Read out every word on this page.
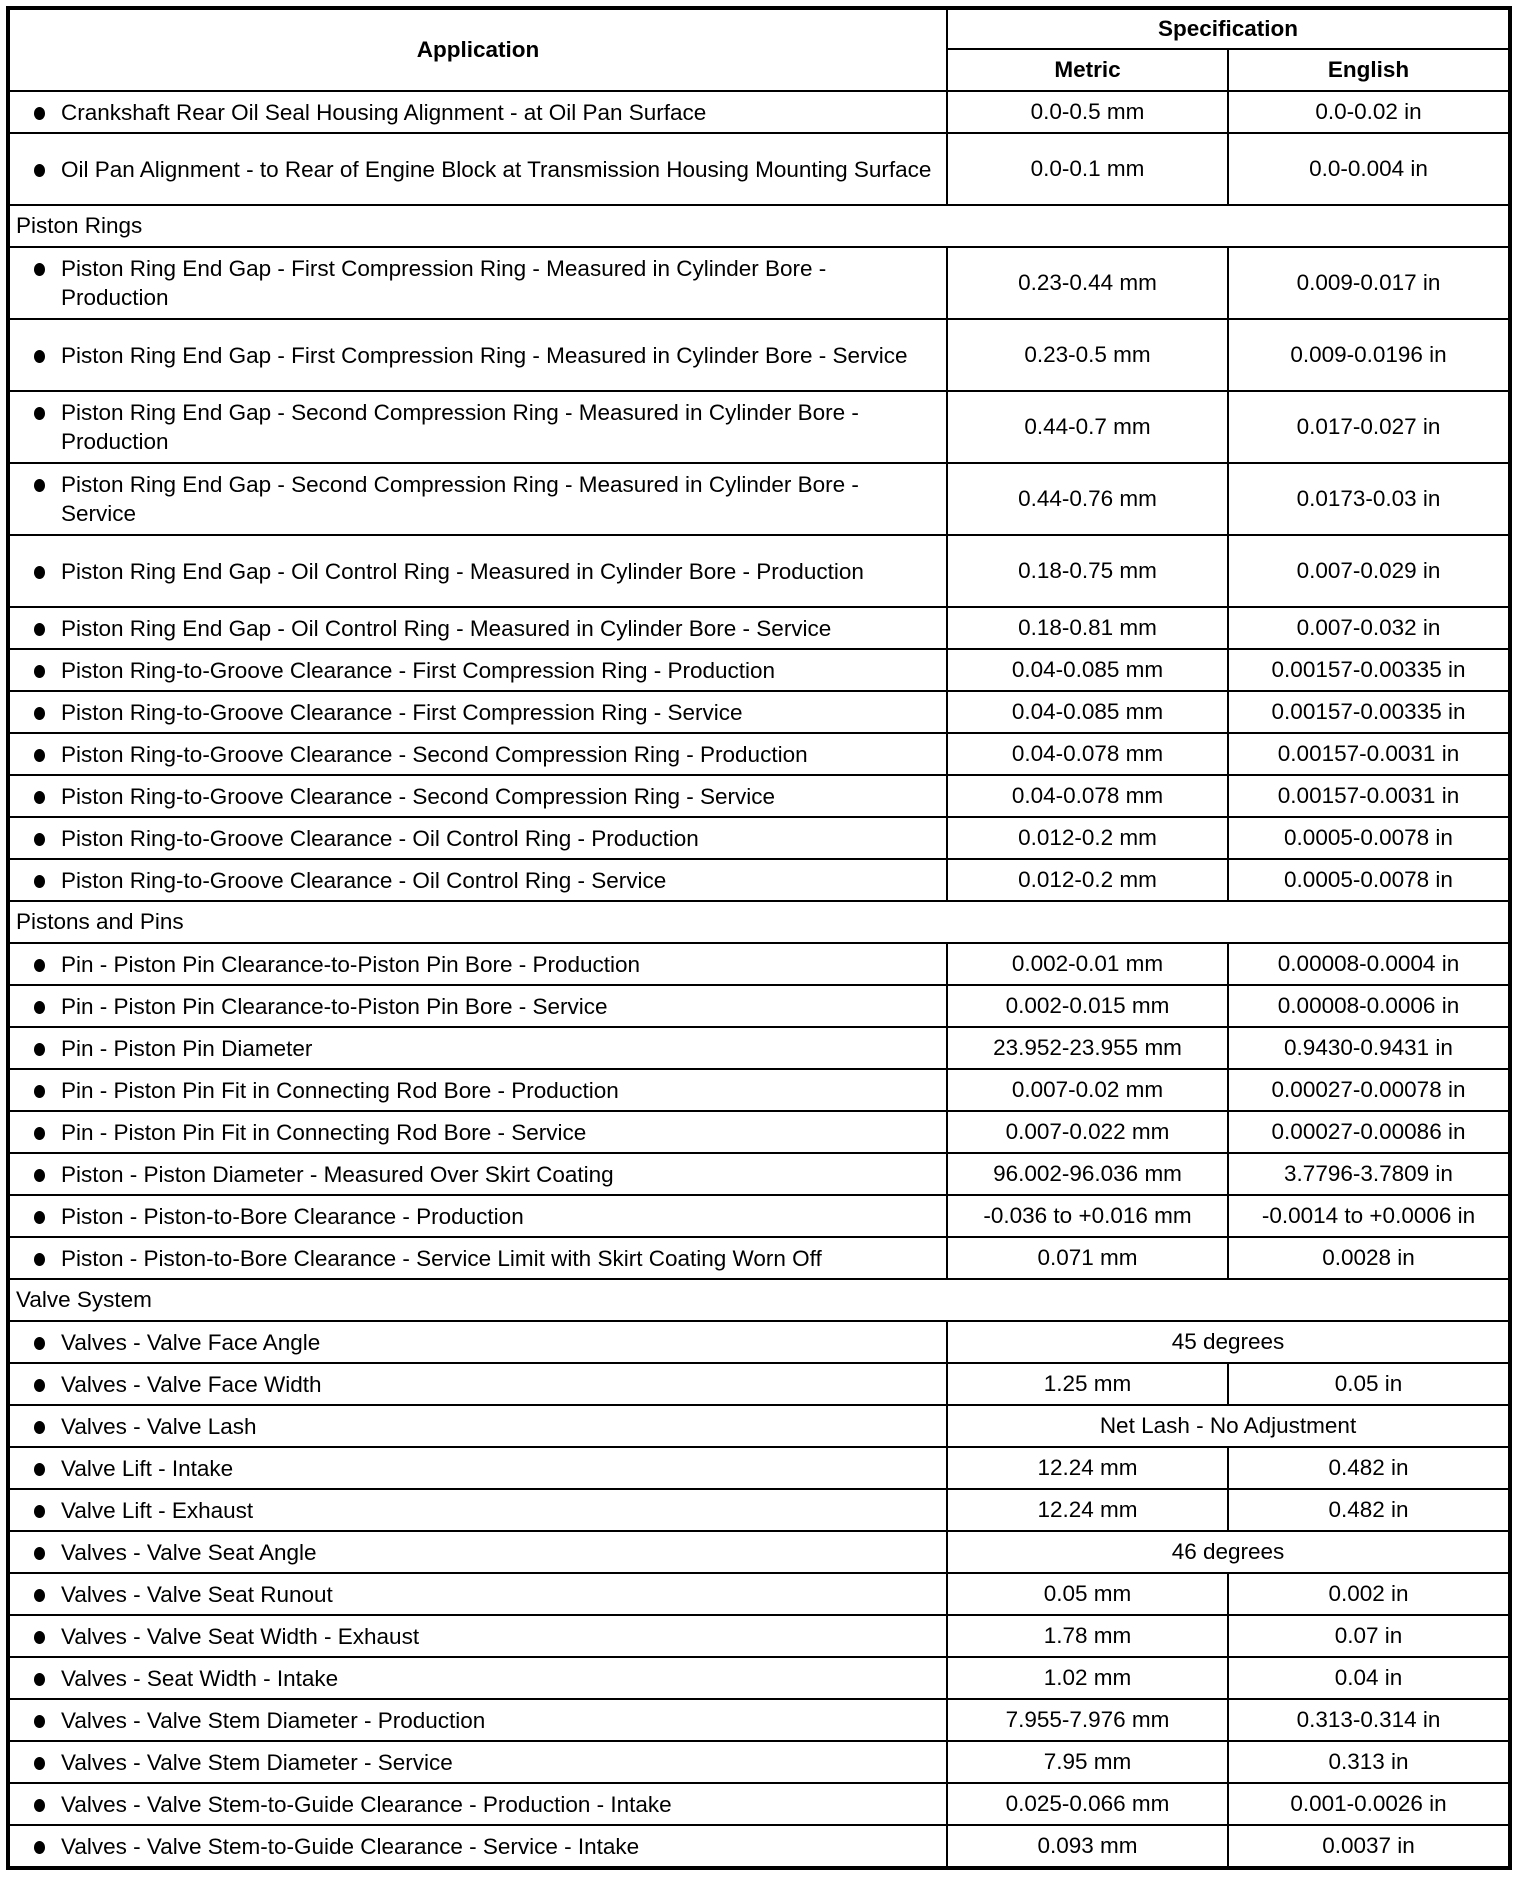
Application	Specification	
	Metric	English

Crankshaft Rear Oil Seal Housing Alignment - at Oil Pan Surface	0.0-0.5 mm	0.0-0.02 in

Oil Pan Alignment - to Rear of Engine Block at Transmission Housing Mounting Surface	0.0-0.1 mm	0.0-0.004 in
Piston Rings		

Piston Ring End Gap - First Compression Ring - Measured in Cylinder Bore - Production	0.23-0.44 mm	0.009-0.017 in

Piston Ring End Gap - First Compression Ring - Measured in Cylinder Bore - Service	0.23-0.5 mm	0.009-0.0196 in

Piston Ring End Gap - Second Compression Ring - Measured in Cylinder Bore - Production	0.44-0.7 mm	0.017-0.027 in

Piston Ring End Gap - Second Compression Ring - Measured in Cylinder Bore - Service	0.44-0.76 mm	0.0173-0.03 in

Piston Ring End Gap - Oil Control Ring - Measured in Cylinder Bore - Production	0.18-0.75 mm	0.007-0.029 in

Piston Ring End Gap - Oil Control Ring - Measured in Cylinder Bore - Service	0.18-0.81 mm	0.007-0.032 in

Piston Ring-to-Groove Clearance - First Compression Ring - Production	0.04-0.085 mm	0.00157-0.00335 in

Piston Ring-to-Groove Clearance - First Compression Ring - Service	0.04-0.085 mm	0.00157-0.00335 in

Piston Ring-to-Groove Clearance - Second Compression Ring - Production	0.04-0.078 mm	0.00157-0.0031 in

Piston Ring-to-Groove Clearance - Second Compression Ring - Service	0.04-0.078 mm	0.00157-0.0031 in

Piston Ring-to-Groove Clearance - Oil Control Ring - Production	0.012-0.2 mm	0.0005-0.0078 in

Piston Ring-to-Groove Clearance - Oil Control Ring - Service	0.012-0.2 mm	0.0005-0.0078 in
Pistons and Pins		

Pin - Piston Pin Clearance-to-Piston Pin Bore - Production	0.002-0.01 mm	0.00008-0.0004 in

Pin - Piston Pin Clearance-to-Piston Pin Bore - Service	0.002-0.015 mm	0.00008-0.0006 in

Pin - Piston Pin Diameter	23.952-23.955 mm	0.9430-0.9431 in

Pin - Piston Pin Fit in Connecting Rod Bore - Production	0.007-0.02 mm	0.00027-0.00078 in

Pin - Piston Pin Fit in Connecting Rod Bore - Service	0.007-0.022 mm	0.00027-0.00086 in

Piston - Piston Diameter - Measured Over Skirt Coating	96.002-96.036 mm	3.7796-3.7809 in

Piston - Piston-to-Bore Clearance - Production	-0.036 to +0.016 mm	-0.0014 to +0.0006 in

Piston - Piston-to-Bore Clearance - Service Limit with Skirt Coating Worn Off	0.071 mm	0.0028 in
Valve System		

Valves - Valve Face Angle	45 degrees	

Valves - Valve Face Width	1.25 mm	0.05 in

Valves - Valve Lash	Net Lash - No Adjustment	

Valve Lift - Intake	12.24 mm	0.482 in

Valve Lift - Exhaust	12.24 mm	0.482 in

Valves - Valve Seat Angle	46 degrees	

Valves - Valve Seat Runout	0.05 mm	0.002 in

Valves - Valve Seat Width - Exhaust	1.78 mm	0.07 in

Valves - Seat Width - Intake	1.02 mm	0.04 in

Valves - Valve Stem Diameter - Production	7.955-7.976 mm	0.313-0.314 in

Valves - Valve Stem Diameter - Service	7.95 mm	0.313 in

Valves - Valve Stem-to-Guide Clearance - Production - Intake	0.025-0.066 mm	0.001-0.0026 in

Valves - Valve Stem-to-Guide Clearance - Service - Intake	0.093 mm	0.0037 in
